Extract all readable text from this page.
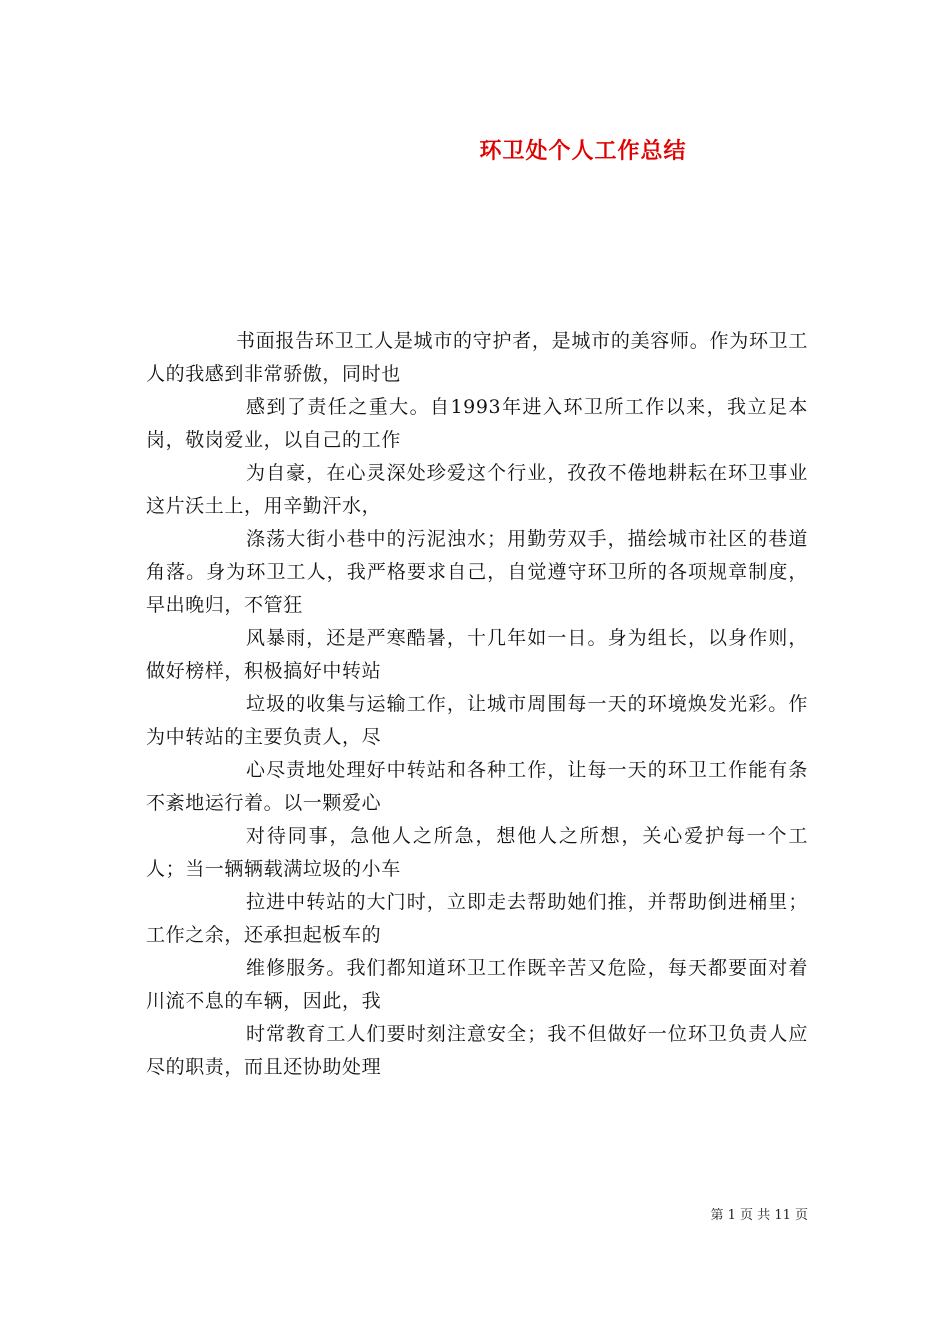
环卫处个人工作总结

书面报告环卫工人是城市的守护者，是城市的美容师。作为环卫工人的我感到非常骄傲，同时也

感到了责任之重大。自1993年进入环卫所工作以来，我立足本岗，敬岗爱业，以自己的工作

为自豪，在心灵深处珍爱这个行业，孜孜不倦地耕耘在环卫事业这片沃土上，用辛勤汗水，

涤荡大街小巷中的污泥浊水；用勤劳双手，描绘城市社区的巷道角落。身为环卫工人，我严格要求自己，自觉遵守环卫所的各项规章制度，早出晚归，不管狂

风暴雨，还是严寒酷暑，十几年如一日。身为组长，以身作则，做好榜样，积极搞好中转站

垃圾的收集与运输工作，让城市周围每一天的环境焕发光彩。作为中转站的主要负责人，尽

心尽责地处理好中转站和各种工作，让每一天的环卫工作能有条不紊地运行着。以一颗爱心

对待同事，急他人之所急，想他人之所想，关心爱护每一个工人；当一辆辆载满垃圾的小车

拉进中转站的大门时，立即走去帮助她们推，并帮助倒进桶里；工作之余，还承担起板车的

维修服务。我们都知道环卫工作既辛苦又危险，每天都要面对着川流不息的车辆，因此，我

时常教育工人们要时刻注意安全；我不但做好一位环卫负责人应尽的职责，而且还协助处理

第 1 页 共 11 页
